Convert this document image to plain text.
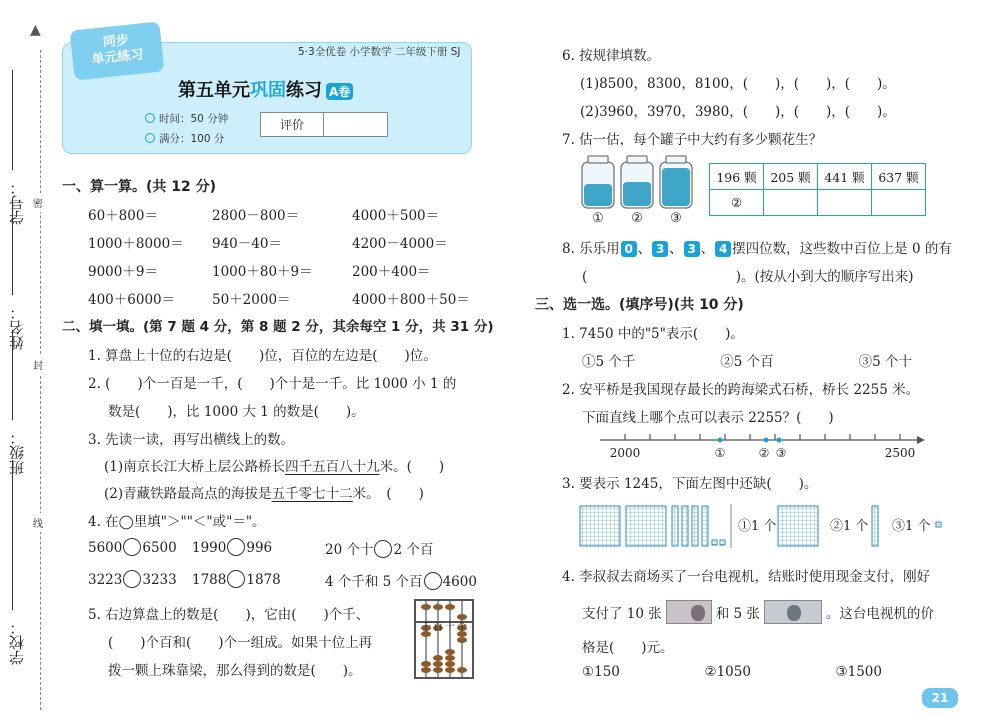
▲
学号：
姓名：
班级：
学校：
密
封
线
同步
单元练习	5·3全优卷 小学数学 二年级下册 SJ
第五单元巩固练习 A卷
时间：50 分钟
满分：100 分
评价
一、算一算。(共 12 分)
60＋800＝	2800－800＝	4000＋500＝
1000＋8000＝ 940－40＝	4200－4000＝
9000＋9＝	1000＋80＋9＝	200＋400＝
400＋6000＝	50＋2000＝	4000＋800＋50＝
二、填一填。(第 7 题 4 分，第 8 题 2 分，其余每空 1 分，共 31 分)
1. 算盘上十位的右边是(　　)位，百位的左边是(　　)位。
2. (　　)个一百是一千，(　　)个十是一千。比 1000 小 1 的
数是(　　)，比 1000 大 1 的数是(　　)。
3. 先读一读，再写出横线上的数。
(1)南京长江大桥上层公路桥长四千五百八十九米。(　　)
(2)青藏铁路最高点的海拔是五千零七十二米。　(　　)
4. 在◯里填"＞""＜"或"＝"。
5600 6500 1990 996	20 个十 2 个百
3223 3233 1788 1878	4 个千和 5 个百 4600
5. 右边算盘上的数是(　　)，它由(　　)个千、
(　　)个百和(　　)个一组成。如果十位上再
拨一颗上珠靠梁，那么得到的数是(　　)。
千 百 十 个
6. 按规律填数。
(1)8500，8300，8100，(　　)，(　　)，(　　)。
(2)3960，3970，3980，(　　)，(　　)，(　　)。
7. 估一估，每个罐子中大约有多少颗花生？
① ② ③
196 颗	205 颗	441 颗	637 颗
②			
8. 乐乐用 0 、 3 、 3 、 4 摆四位数，这些数中百位上是 0 的有
(　　　　　　　　　　　)。(按从小到大的顺序写出来)
三、选一选。(填序号)(共 10 分)
1. 7450 中的"5"表示(　　)。
①5 个千	②5 个百	③5 个十
2. 安平桥是我国现存最长的跨海梁式石桥，桥长 2255 米。
下面直线上哪个点可以表示 2255？(　　)
2000	2500
①	② ③
3. 要表示 1245，下面左图中还缺(　　)。
①1 个	②1 个 ③1 个
4. 李叔叔去商场买了一台电视机，结账时使用现金支付，刚好
支付了 10 张	和 5 张	。这台电视机的价
格是(　　)元。
①150	②1050	③1500
21
